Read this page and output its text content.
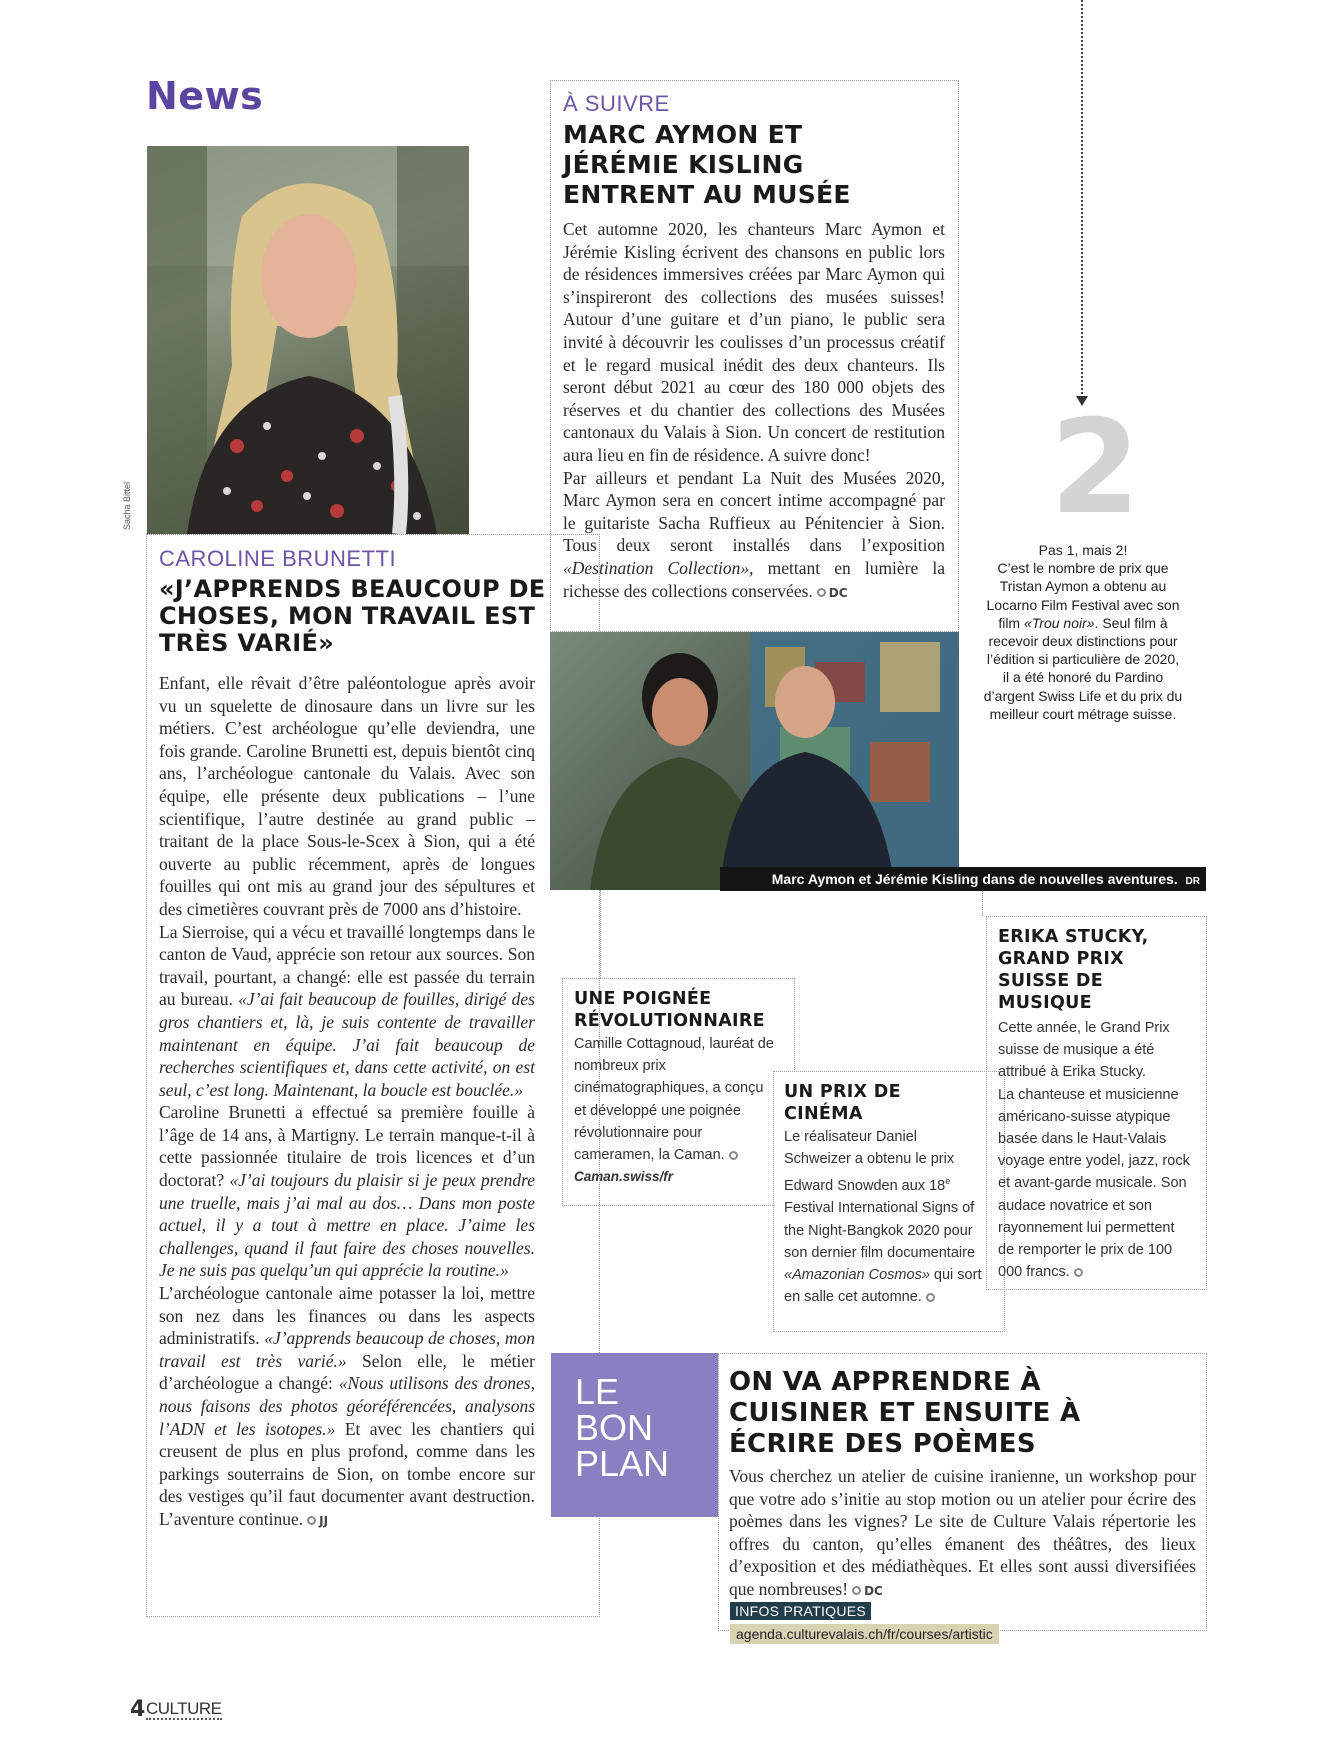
News
Sacha Bittel
CAROLINE BRUNETTI
«J’APPRENDS BEAUCOUP DE CHOSES, MON TRAVAIL EST TRÈS VARIÉ»
Enfant, elle rêvait d’être paléontologue après avoir vu un squelette de dinosaure dans un livre sur les métiers. C’est archéologue qu’elle deviendra, une fois grande. Caroline Brunetti est, depuis bientôt cinq ans, l’archéologue cantonale du Valais. Avec son équipe, elle présente deux publications – l’une scientifique, l’autre destinée au grand public – traitant de la place Sous-le-Scex à Sion, qui a été ouverte au public récemment, après de longues fouilles qui ont mis au grand jour des sépultures et des cimetières couvrant près de 7000 ans d’histoire.
La Sierroise, qui a vécu et travaillé longtemps dans le canton de Vaud, apprécie son retour aux sources. Son travail, pourtant, a changé: elle est passée du terrain au bureau. «J’ai fait beaucoup de fouilles, dirigé des gros chantiers et, là, je suis contente de travailler maintenant en équipe. J’ai fait beaucoup de recherches scientifiques et, dans cette activité, on est seul, c’est long. Maintenant, la boucle est bouclée.»
Caroline Brunetti a effectué sa première fouille à l’âge de 14 ans, à Martigny. Le terrain manque-t-il à cette passionnée titulaire de trois licences et d’un doctorat? «J’ai toujours du plaisir si je peux prendre une truelle, mais j’ai mal au dos… Dans mon poste actuel, il y a tout à mettre en place. J’aime les challenges, quand il faut faire des choses nouvelles. Je ne suis pas quelqu’un qui apprécie la routine.»
L’archéologue cantonale aime potasser la loi, mettre son nez dans les finances ou dans les aspects administratifs. «J’apprends beaucoup de choses, mon travail est très varié.» Selon elle, le métier d’archéologue a changé: «Nous utilisons des drones, nous faisons des photos géoréférencées, analysons l’ADN et les isotopes.» Et avec les chantiers qui creusent de plus en plus profond, comme dans les parkings souterrains de Sion, on tombe encore sur des vestiges qu’il faut documenter avant destruction. L’aventure continue. JJ
À SUIVRE
MARC AYMON ET JÉRÉMIE KISLING ENTRENT AU MUSÉE
Cet automne 2020, les chanteurs Marc Aymon et Jérémie Kisling écrivent des chansons en public lors de résidences immersives créées par Marc Aymon qui s’inspireront des collections des musées suisses! Autour d’une guitare et d’un piano, le public sera invité à découvrir les coulisses d’un processus créatif et le regard musical inédit des deux chanteurs. Ils seront début 2021 au cœur des 180 000 objets des réserves et du chantier des collections des Musées cantonaux du Valais à Sion. Un concert de restitution aura lieu en fin de résidence. A suivre donc!
Par ailleurs et pendant La Nuit des Musées 2020, Marc Aymon sera en concert intime accompagné par le guitariste Sacha Ruffieux au Pénitencier à Sion. Tous deux seront installés dans l’exposition «Destination Collection», mettant en lumière la richesse des collections conservées. DC
Marc Aymon et Jérémie Kisling dans de nouvelles aventures. DR
2
Pas 1, mais 2!
C’est le nombre de prix que Tristan Aymon a obtenu au Locarno Film Festival avec son film «Trou noir». Seul film à recevoir deux distinctions pour l’édition si particulière de 2020, il a été honoré du Pardino d’argent Swiss Life et du prix du meilleur court métrage suisse.
UNE POIGNÉE RÉVOLUTIONNAIRE
Camille Cottagnoud, lauréat de nombreux prix cinématographiques, a conçu et développé une poignée révolutionnaire pour cameramen, la Caman.
Caman.swiss/fr
UN PRIX DE CINÉMA
Le réalisateur Daniel Schweizer a obtenu le prix Edward Snowden aux 18e Festival International Signs of the Night-Bangkok 2020 pour son dernier film documentaire «Amazonian Cosmos» qui sort en salle cet automne.
ERIKA STUCKY, GRAND PRIX SUISSE DE MUSIQUE
Cette année, le Grand Prix suisse de musique a été attribué à Erika Stucky.
La chanteuse et musicienne américano-suisse atypique basée dans le Haut-Valais voyage entre yodel, jazz, rock et avant-garde musicale. Son audace novatrice et son rayonnement lui permettent de remporter le prix de 100 000 francs.
LE BON PLAN
ON VA APPRENDRE À CUISINER ET ENSUITE À ÉCRIRE DES POÈMES
Vous cherchez un atelier de cuisine iranienne, un workshop pour que votre ado s’initie au stop motion ou un atelier pour écrire des poèmes dans les vignes? Le site de Culture Valais répertorie les offres du canton, qu’elles émanent des théâtres, des lieux d’exposition et des médiathèques. Et elles sont aussi diversifiées que nombreuses! DC
INFOS PRATIQUES
agenda.culturevalais.ch/fr/courses/artistic
4 CULTURE
